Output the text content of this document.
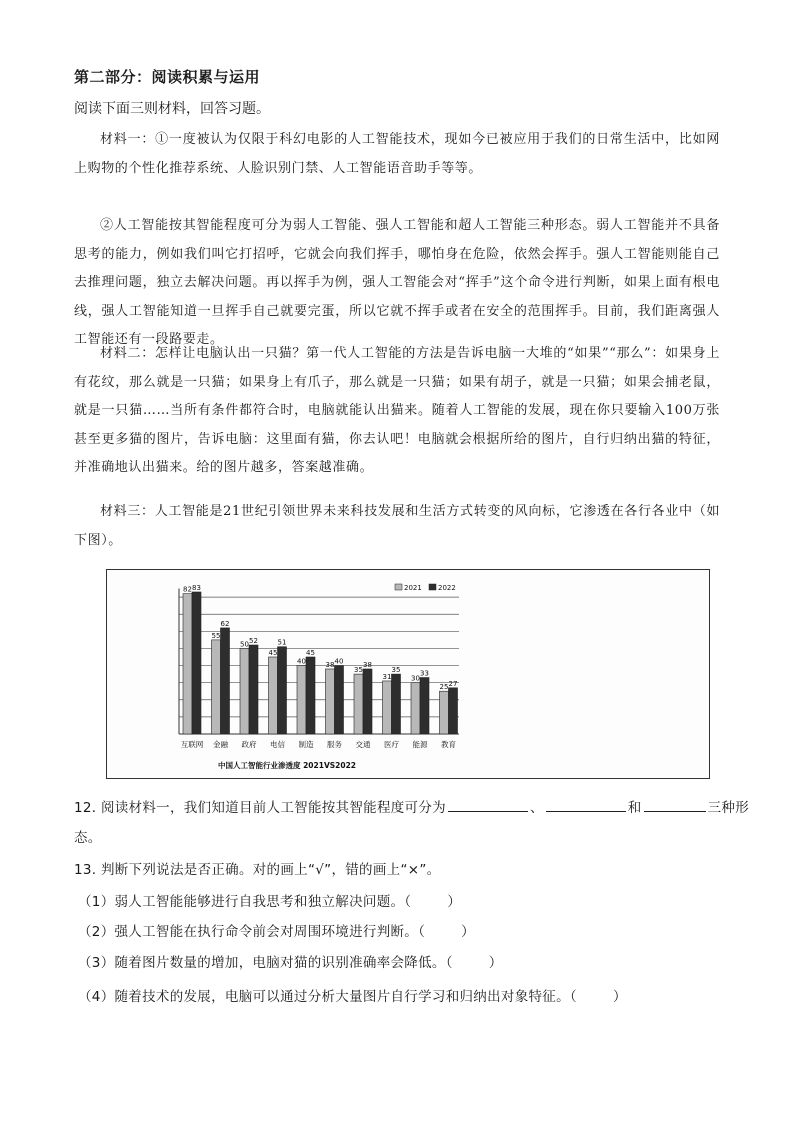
第二部分：阅读积累与运用
阅读下面三则材料，回答习题。

材料一：①一度被认为仅限于科幻电影的人工智能技术，现如今已被应用于我们的日常生活中，比如网上购物的个性化推荐系统、人脸识别门禁、人工智能语音助手等等。

②人工智能按其智能程度可分为弱人工智能、强人工智能和超人工智能三种形态。弱人工智能并不具备思考的能力，例如我们叫它打招呼，它就会向我们挥手，哪怕身在危险，依然会挥手。强人工智能则能自己去推理问题，独立去解决问题。再以挥手为例，强人工智能会对“挥手”这个命令进行判断，如果上面有根电线，强人工智能知道一旦挥手自己就要完蛋，所以它就不挥手或者在安全的范围挥手。目前，我们距离强人工智能还有一段路要走。

材料二：怎样让电脑认出一只猫？第一代人工智能的方法是告诉电脑一大堆的“如果”“那么”：如果身上有花纹，那么就是一只猫；如果身上有爪子，那么就是一只猫；如果有胡子，就是一只猫；如果会捕老鼠，就是一只猫……当所有条件都符合时，电脑就能认出猫来。随着人工智能的发展，现在你只要输入100万张甚至更多猫的图片，告诉电脑：这里面有猫，你去认吧！电脑就会根据所给的图片，自行归纳出猫的特征，并准确地认出猫来。给的图片越多，答案越准确。

材料三：人工智能是21世纪引领世界未来科技发展和生活方式转变的风向标，它渗透在各行各业中（如下图）。

82 83
互联网
55
62
金融
50 52
政府
45
51
电信
40
45
制造
38 40
服务
35
38
交通
31
35
医疗
30
33
能源
25 27
教育
2021 2022
中国人工智能行业渗透度 2021VS2022
12. 阅读材料一，我们知道目前人工智能按其智能程度可分为	、	和	三种形
态。
13. 判断下列说法是否正确。对的画上“√”，错的画上“×”。
（1）弱人工智能能够进行自我思考和独立解决问题。（	）
（2）强人工智能在执行命令前会对周围环境进行判断。（	）
（3）随着图片数量的增加，电脑对猫的识别准确率会降低。（	）
（4）随着技术的发展，电脑可以通过分析大量图片自行学习和归纳出对象特征。（	）
